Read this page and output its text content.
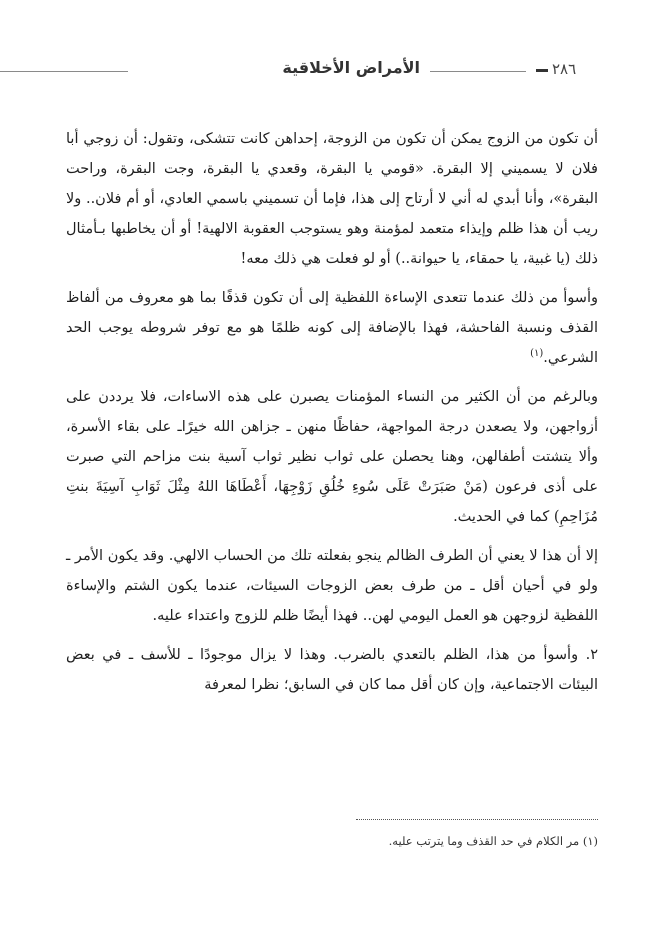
الأمراض الأخلاقية	٢٨٦

أن تكون من الزوج يمكن أن تكون من الزوجة، إحداهن كانت تتشكى، وتقول: أن زوجي أبا فلان لا يسميني إلا البقرة. «قومي يا البقرة، وقعدي يا البقرة، وجت البقرة، وراحت البقرة»، وأنا أبدي له أني لا أرتاح إلى هذا، فإما أن تسميني باسمي العادي، أو أم فلان.. ولا ريب أن هذا ظلم وإيذاء متعمد لمؤمنة وهو يستوجب العقوبة الالهية! أو أن يخاطبها بـأمثال ذلك (يا غبية، يا حمقاء، يا حيوانة..) أو لو فعلت هي ذلك معه!

وأسوأ من ذلك عندما تتعدى الإساءة اللفظية إلى أن تكون قذفًا بما هو معروف من ألفاظ القذف ونسبة الفاحشة، فهذا بالإضافة إلى كونه ظلمًا هو مع توفر شروطه يوجب الحد الشرعي.$^{(١)}$

وبالرغم من أن الكثير من النساء المؤمنات يصبرن على هذه الاساءات، فلا يرددن على أزواجهن، ولا يصعدن درجة المواجهة، حفاظًا منهن ـ جزاهن الله خيرًاـ على بقاء الأسرة، وألا يتشتت أطفالهن، وهنا يحصلن على ثواب نظير ثواب آسية بنت مزاحم التي صبرت على أذى فرعون (مَنْ صَبَرَتْ عَلَى سُوءِ خُلُقِ زَوْجِهَا، أَعْطَاهَا اللهُ مِثْلَ ثَوَابِ آسِيَةَ بنتِ مُزَاحِمِ) كما في الحديث.

إلا أن هذا لا يعني أن الطرف الظالم ينجو بفعلته تلك من الحساب الالهي. وقد يكون الأمر ـ ولو في أحيان أقل ـ من طرف بعض الزوجات السيئات، عندما يكون الشتم والإساءة اللفظية لزوجهن هو العمل اليومي لهن.. فهذا أيضًا ظلم للزوج واعتداء عليه.

٢. وأسوأ من هذا، الظلم بالتعدي بالضرب. وهذا لا يزال موجودًا ـ للأسف ـ في بعض البيئات الاجتماعية، وإن كان أقل مما كان في السابق؛ نظرا لمعرفة

(١) مر الكلام في حد القذف وما يترتب عليه.
